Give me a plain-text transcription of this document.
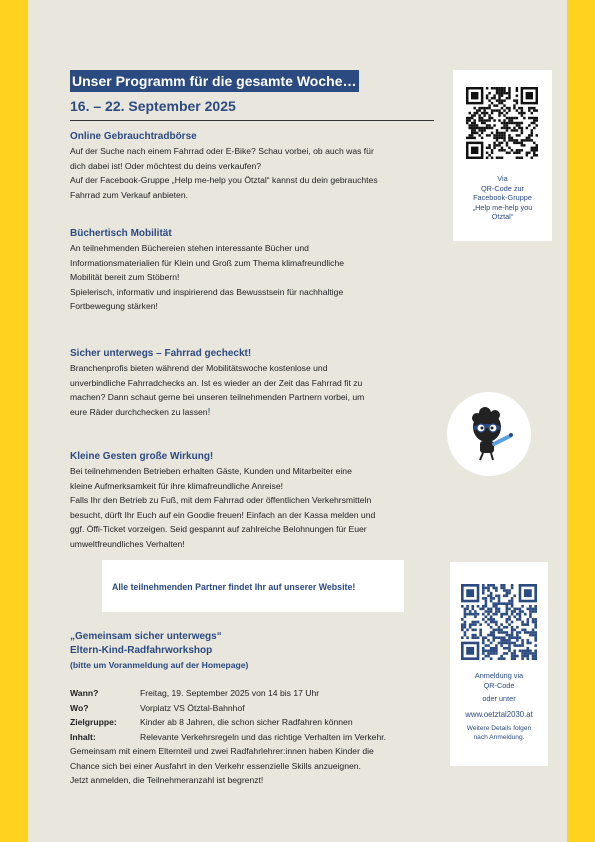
Unser Programm für die gesamte Woche…
16. – 22. September 2025
Online Gebrauchtradbörse

Auf der Suche nach einem Fahrrad oder E-Bike? Schau vorbei, ob auch was für

dich dabei ist! Oder möchtest du deins verkaufen?

Auf der Facebook-Gruppe „Help me-help you Ötztal“ kannst du dein gebrauchtes

Fahrrad zum Verkauf anbieten.

Büchertisch Mobilität

An teilnehmenden Büchereien stehen interessante Bücher und

Informationsmaterialien für Klein und Groß zum Thema klimafreundliche

Mobilität bereit zum Stöbern!

Spielerisch, informativ und inspirierend das Bewusstsein für nachhaltige

Fortbewegung stärken!

Sicher unterwegs – Fahrrad gecheckt!

Branchenprofis bieten während der Mobilitätswoche kostenlose und

unverbindliche Fahrradchecks an. Ist es wieder an der Zeit das Fahrrad fit zu

machen? Dann schaut gerne bei unseren teilnehmenden Partnern vorbei, um

eure Räder durchchecken zu lassen!

Kleine Gesten große Wirkung!

Bei teilnehmenden Betrieben erhalten Gäste, Kunden und Mitarbeiter eine

kleine Aufmerksamkeit für ihre klimafreundliche Anreise!

Falls Ihr den Betrieb zu Fuß, mit dem Fahrrad oder öffentlichen Verkehrsmitteln

besucht, dürft Ihr Euch auf ein Goodie freuen! Einfach an der Kassa melden und

ggf. Öffi-Ticket vorzeigen. Seid gespannt auf zahlreiche Belohnungen für Euer

umweltfreundliches Verhalten!

Alle teilnehmenden Partner findet Ihr auf unserer Website!
„Gemeinsam sicher unterwegs“
Eltern-Kind-Radfahrworkshop
(bitte um Voranmeldung auf der Homepage)
Wann?	Freitag, 19. September 2025 von 14 bis 17 Uhr
Wo?	Vorplatz VS Ötztal-Bahnhof
Zielgruppe:	Kinder ab 8 Jahren, die schon sicher Radfahren können
Inhalt:	Relevante Verkehrsregeln und das richtige Verhalten im Verkehr.

Gemeinsam mit einem Elternteil und zwei Radfahrlehrer:innen haben Kinder die

Chance sich bei einer Ausfahrt in den Verkehr essenzielle Skills anzueignen.

Jetzt anmelden, die Teilnehmeranzahl ist begrenzt!

Via
QR-Code zur
Facebook-Gruppe
„Help me-help you
Ötztal“
Anmeldung via
QR-Code
oder unter
www.oetztal2030.at
Weitere Details folgen
nach Anmeldung.
